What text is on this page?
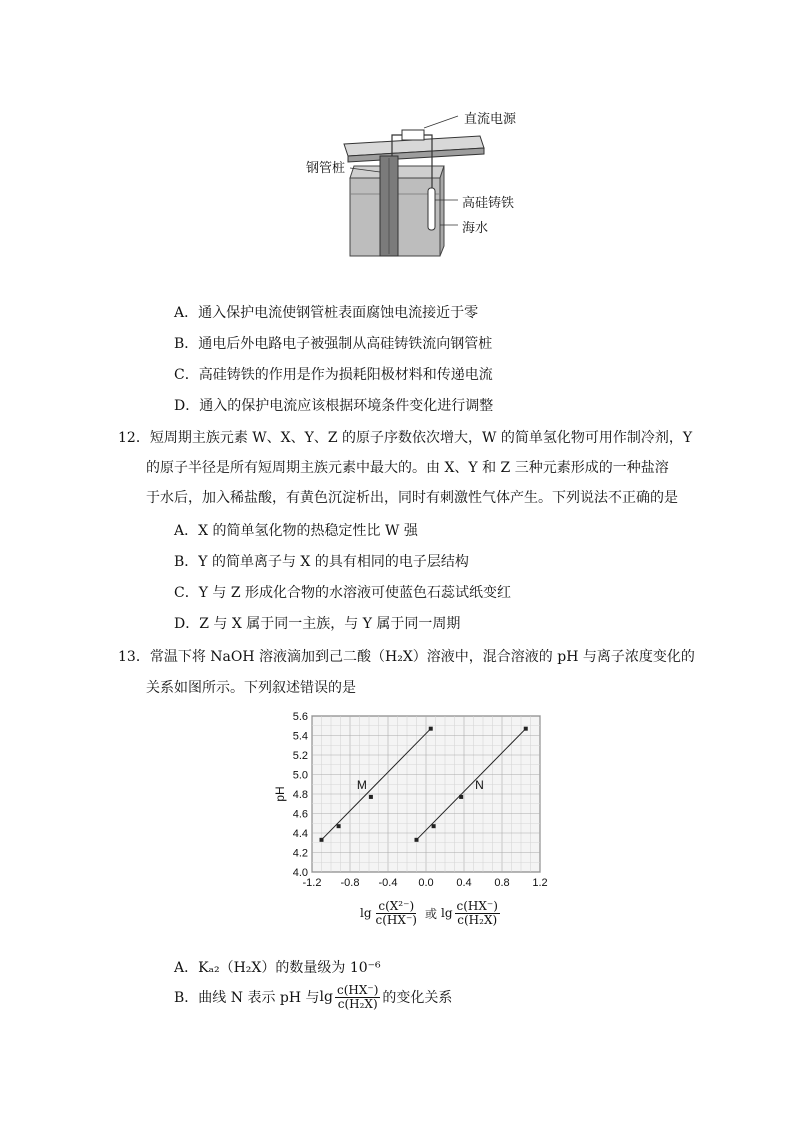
直流电源
钢管桩
高硅铸铁
海水
A．通入保护电流使钢管桩表面腐蚀电流接近于零
B．通电后外电路电子被强制从高硅铸铁流向钢管桩
C．高硅铸铁的作用是作为损耗阳极材料和传递电流
D．通入的保护电流应该根据环境条件变化进行调整
12．短周期主族元素 W、X、Y、Z 的原子序数依次增大，W 的简单氢化物可用作制冷剂，Y
的原子半径是所有短周期主族元素中最大的。由 X、Y 和 Z 三种元素形成的一种盐溶
于水后，加入稀盐酸，有黄色沉淀析出，同时有刺激性气体产生。下列说法不正确的是
A．X 的简单氢化物的热稳定性比 W 强
B．Y 的简单离子与 X 的具有相同的电子层结构
C．Y 与 Z 形成化合物的水溶液可使蓝色石蕊试纸变红
D．Z 与 X 属于同一主族，与 Y 属于同一周期
13．常温下将 NaOH 溶液滴加到己二酸（H₂X）溶液中，混合溶液的 pH 与离子浓度变化的
关系如图所示。下列叙述错误的是
-1.2 -0.8 -0.4 0.0 0.4 0.8 1.2
4.0
4.2
4.4
4.6
4.8
5.0
5.2
5.4
5.6
pH
M	N
$\lg \frac{\text{c(X²⁻)}}{c(HX^-)}$ 或 $\lg \frac{c(HX^-)}{\text{c(H₂X)}}$
A．Kₐ₂（H₂X）的数量级为 10⁻⁶
B．曲线 N 表示 pH 与 $\lg \frac{c(HX^-)}{\text{c(H₂X)}}$ 的变化关系
